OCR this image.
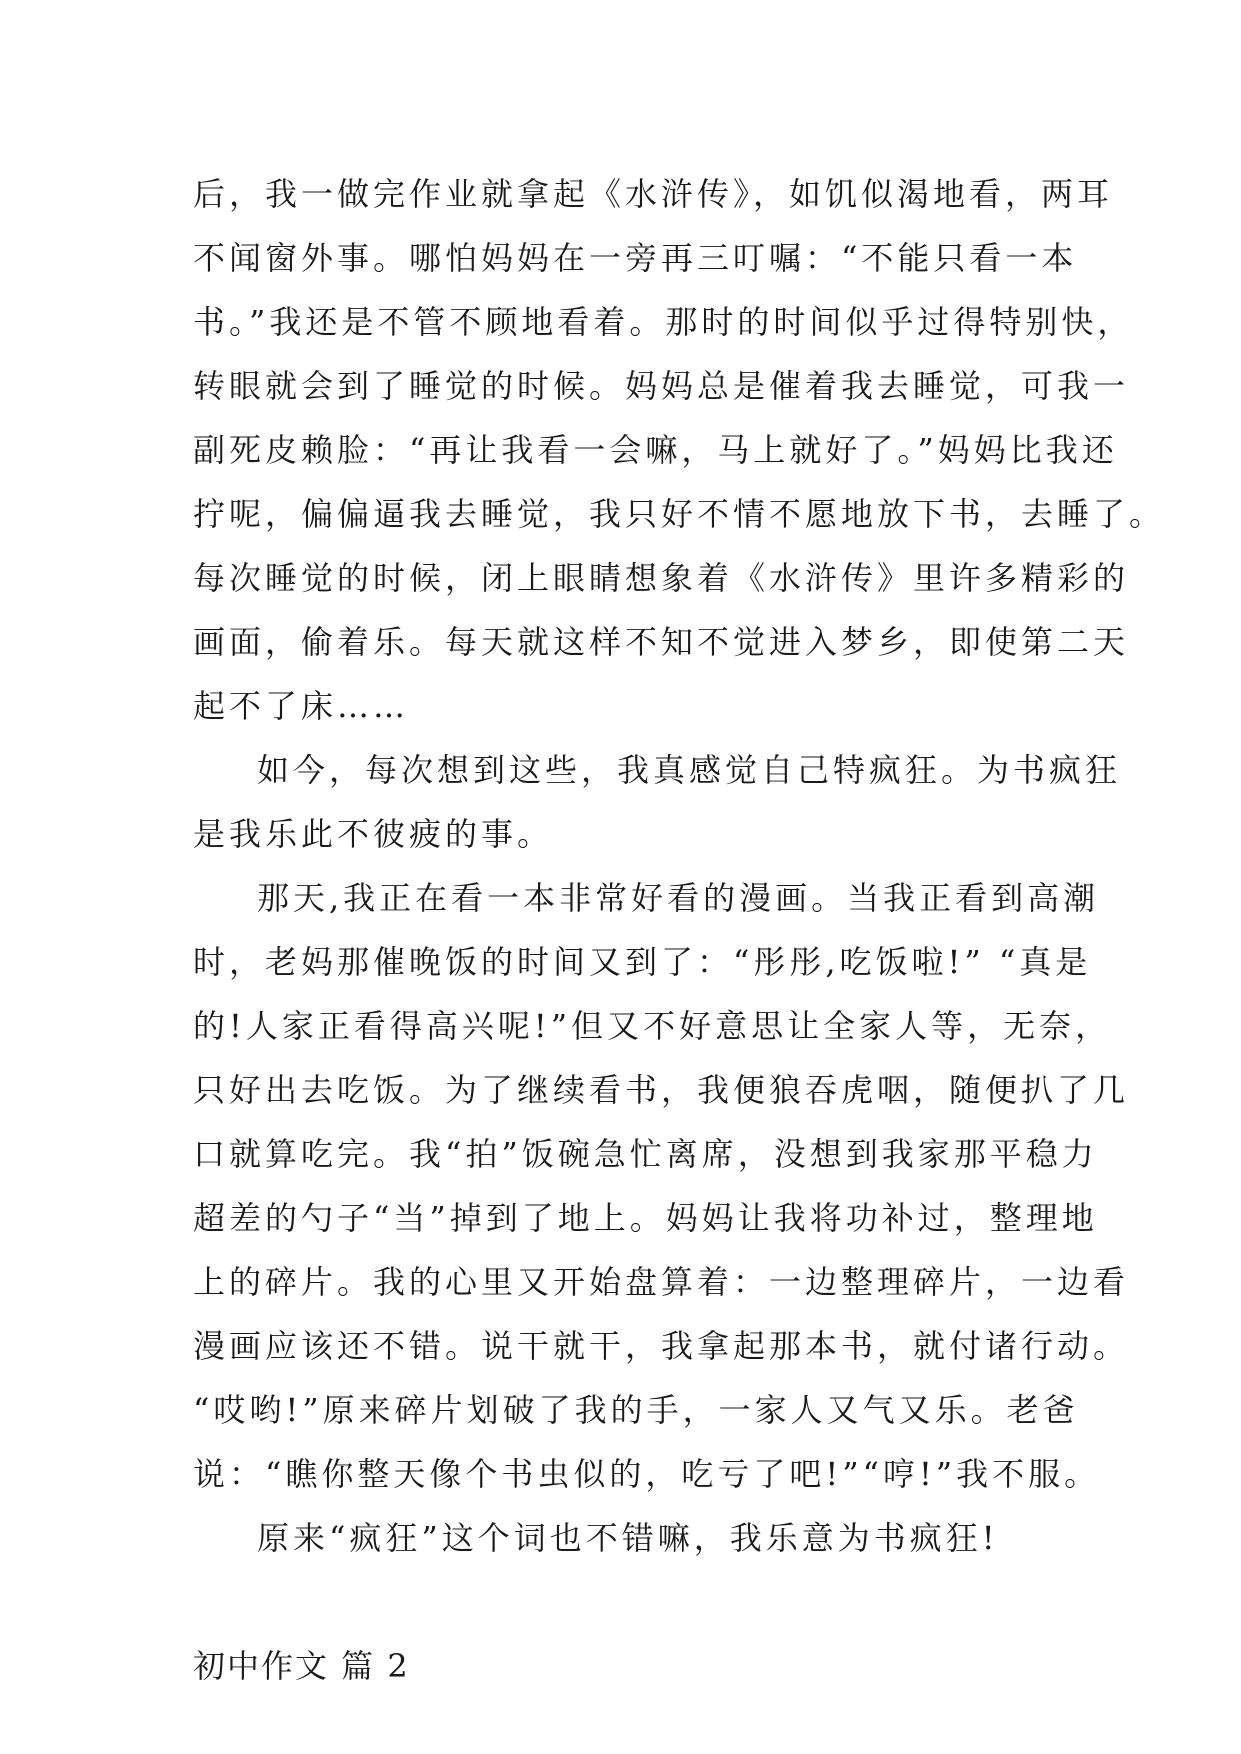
后，我一做完作业就拿起《水浒传》，如饥似渴地看，两耳
不闻窗外事。哪怕妈妈在一旁再三叮嘱：“不能只看一本
书。”我还是不管不顾地看着。那时的时间似乎过得特别快，
转眼就会到了睡觉的时候。妈妈总是催着我去睡觉，可我一
副死皮赖脸：“再让我看一会嘛，马上就好了。”妈妈比我还
拧呢，偏偏逼我去睡觉，我只好不情不愿地放下书，去睡了。
每次睡觉的时候，闭上眼睛想象着《水浒传》里许多精彩的
画面，偷着乐。每天就这样不知不觉进入梦乡，即使第二天
起不了床……
如今，每次想到这些，我真感觉自己特疯狂。为书疯狂
是我乐此不彼疲的事。
那天,我正在看一本非常好看的漫画。当我正看到高潮
时，老妈那催晚饭的时间又到了：“彤彤,吃饭啦!” “真是
的!人家正看得高兴呢!”但又不好意思让全家人等，无奈，
只好出去吃饭。为了继续看书，我便狼吞虎咽，随便扒了几
口就算吃完。我“拍”饭碗急忙离席，没想到我家那平稳力
超差的勺子“当”掉到了地上。妈妈让我将功补过，整理地
上的碎片。我的心里又开始盘算着：一边整理碎片，一边看
漫画应该还不错。说干就干，我拿起那本书，就付诸行动。
“哎哟!”原来碎片划破了我的手，一家人又气又乐。老爸
说：“瞧你整天像个书虫似的，吃亏了吧!”“哼!”我不服。
原来“疯狂”这个词也不错嘛，我乐意为书疯狂!
初中作文 篇 2
